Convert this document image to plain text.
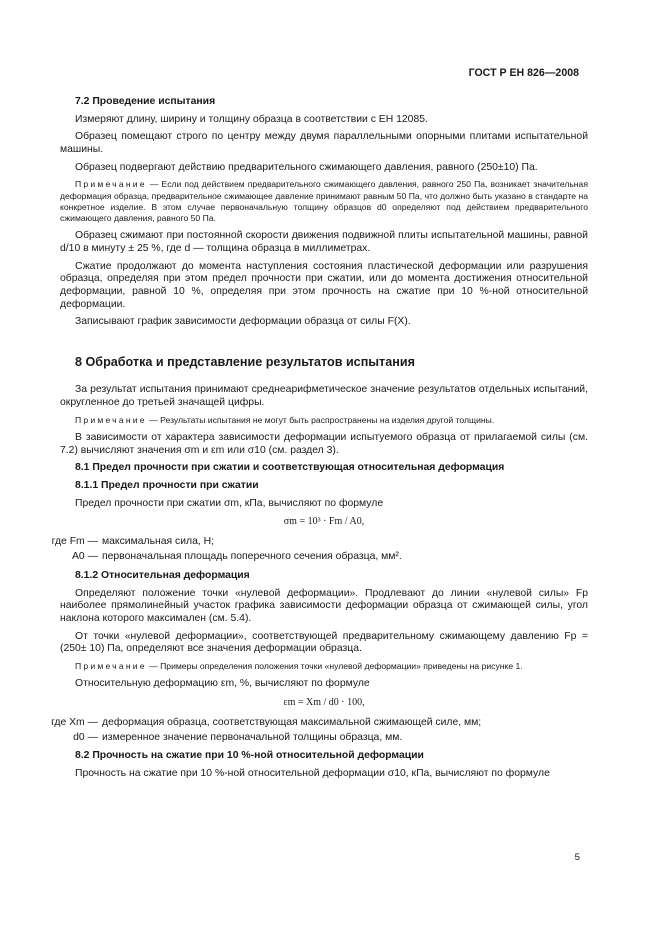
ГОСТ Р ЕН 826—2008
7.2 Проведение испытания

Измеряют длину, ширину и толщину образца в соответствии с ЕН 12085.

Образец помещают строго по центру между двумя параллельными опорными плитами испытательной машины.

Образец подвергают действию предварительного сжимающего давления, равного (250±10) Па.

Примечание — Если под действием предварительного сжимающего давления, равного 250 Па, возникает значительная деформация образца, предварительное сжимающее давление принимают равным 50 Па, что должно быть указано в стандарте на конкретное изделие. В этом случае первоначальную толщину образцов d0 определяют под действием предварительного сжимающего давления, равного 50 Па.

Образец сжимают при постоянной скорости движения подвижной плиты испытательной машины, равной d/10 в минуту ± 25 %, где d — толщина образца в миллиметрах.

Сжатие продолжают до момента наступления состояния пластической деформации или разрушения образца, определяя при этом предел прочности при сжатии, или до момента достижения относительной деформации, равной 10 %, определяя при этом прочность на сжатие при 10 %-ной относительной деформации.

Записывают график зависимости деформации образца от силы F(X).

8 Обработка и представление результатов испытания

За результат испытания принимают среднеарифметическое значение результатов отдельных испытаний, округленное до третьей значащей цифры.

Примечание — Результаты испытания не могут быть распространены на изделия другой толщины.

В зависимости от характера зависимости деформации испытуемого образца от прилагаемой силы (см. 7.2) вычисляют значения σm и εm или σ10 (см. раздел 3).

8.1 Предел прочности при сжатии и соответствующая относительная деформация
8.1.1 Предел прочности при сжатии

Предел прочности при сжатии σm, кПа, вычисляют по формуле

σm = 10³ · Fm / A0,
где Fm — максимальная сила, Н;
A0 — первоначальная площадь поперечного сечения образца, мм².
8.1.2 Относительная деформация

Определяют положение точки «нулевой деформации». Продлевают до линии «нулевой силы» Fp наиболее прямолинейный участок графика зависимости деформации образца от сжимающей силы, угол наклона которого максимален (см. 5.4).

От точки «нулевой деформации», соответствующей предварительному сжимающему давлению Fp = (250± 10) Па, определяют все значения деформации образца.

Примечание — Примеры определения положения точки «нулевой деформации» приведены на рисунке 1.

Относительную деформацию εm, %, вычисляют по формуле

εm = Xm / d0 · 100,
где Xm — деформация образца, соответствующая максимальной сжимающей силе, мм;
d0 — измеренное значение первоначальной толщины образца, мм.
8.2 Прочность на сжатие при 10 %-ной относительной деформации

Прочность на сжатие при 10 %-ной относительной деформации σ10, кПа, вычисляют по формуле

5
